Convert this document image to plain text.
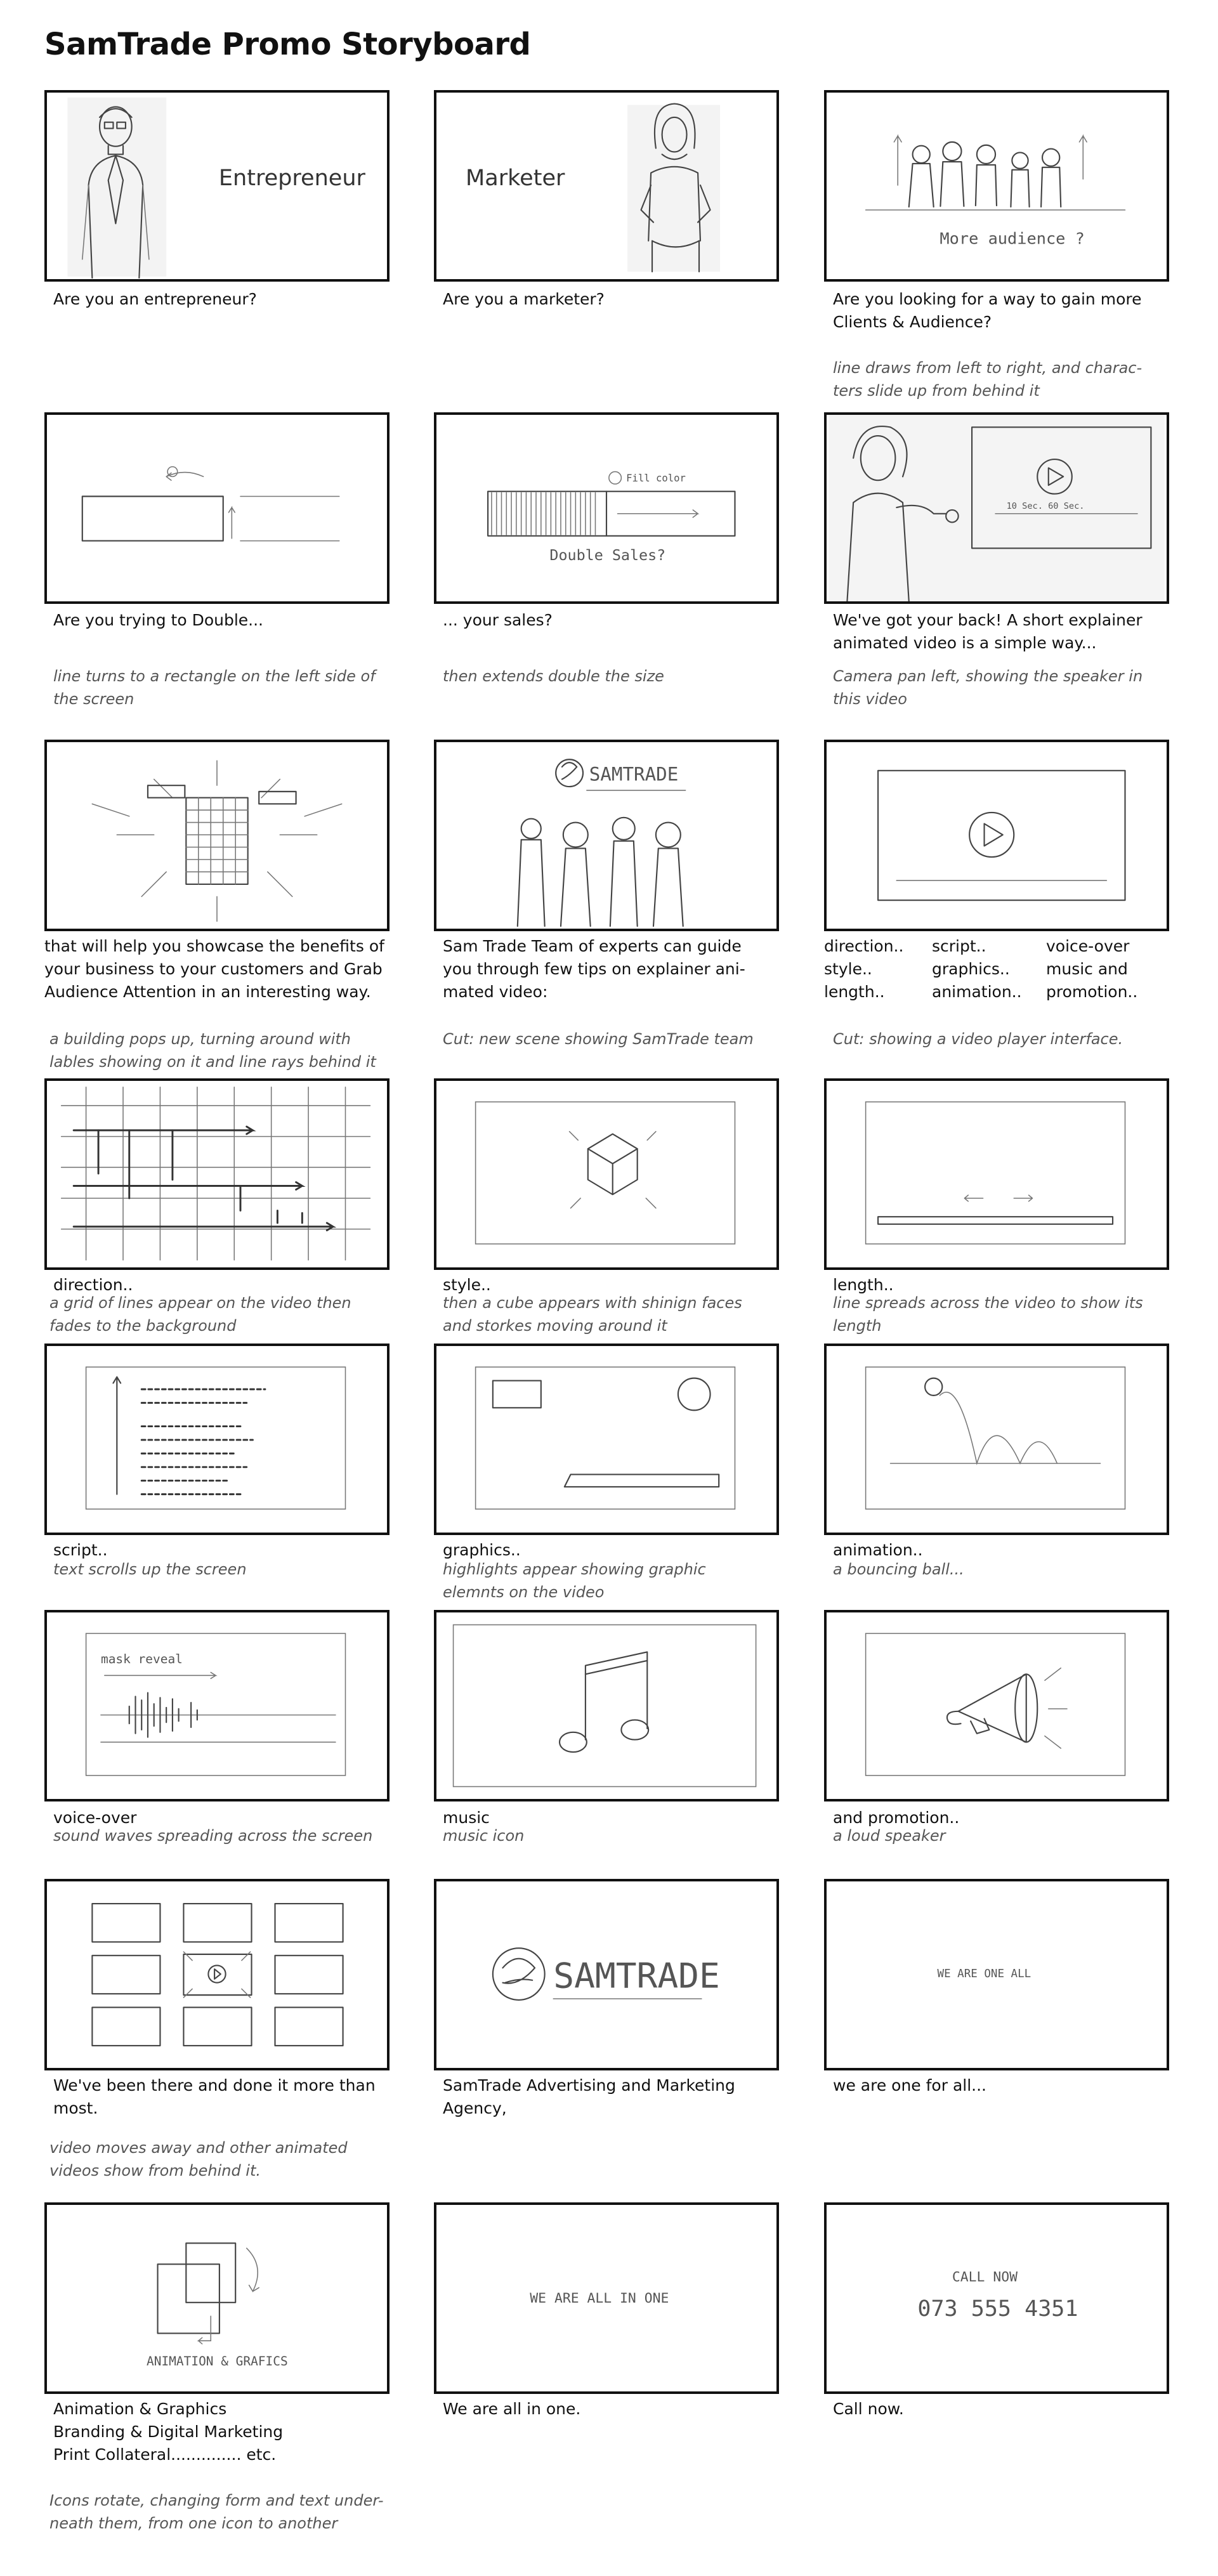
SamTrade Promo Storyboard
Entrepreneur
Are you an entrepreneur?
Marketer
Are you a marketer?
More audience ?
Are you looking for a way to gain more
Clients & Audience?
line draws from left to right, and charac-
ters slide up from behind it
Are you trying to Double...
line turns to a rectangle on the left side of
the screen
Fill color
Double Sales?
... your sales?
then extends double the size
10 Sec. 60 Sec.
We've got your back! A short explainer
animated video is a simple way...
Camera pan left, showing the speaker in
this video
that will help you showcase the benefits of
your business to your customers and Grab
Audience Attention in an interesting way.
a building pops up, turning around with
lables showing on it and line rays behind it
SAMTRADE
Sam Trade Team of experts can guide
you through few tips on explainer ani-
mated video:
Cut: new scene showing SamTrade team
direction..
style..
length..
script..
graphics..
animation..
voice-over
music and
promotion..
Cut: showing a video player interface.
direction..
a grid of lines appear on the video then
fades to the background
style..
then a cube appears with shinign faces
and storkes moving around it
length..
line spreads across the video to show its
length
script..
text scrolls up the screen
graphics..
highlights appear showing graphic
elemnts on the video
animation..
a bouncing ball...
mask reveal
voice-over
sound waves spreading across the screen
music
music icon
and promotion..
a loud speaker
We've been there and done it more than
most.
video moves away and other animated
videos show from behind it.
SAMTRADE
SamTrade Advertising and Marketing
Agency,
WE ARE ONE ALL
we are one for all...
ANIMATION & GRAFICS
Animation & Graphics
Branding & Digital Marketing
Print Collateral.............. etc.
Icons rotate, changing form and text under-
neath them, from one icon to another
WE ARE ALL IN ONE
We are all in one.
CALL NOW
073 555 4351
Call now.
